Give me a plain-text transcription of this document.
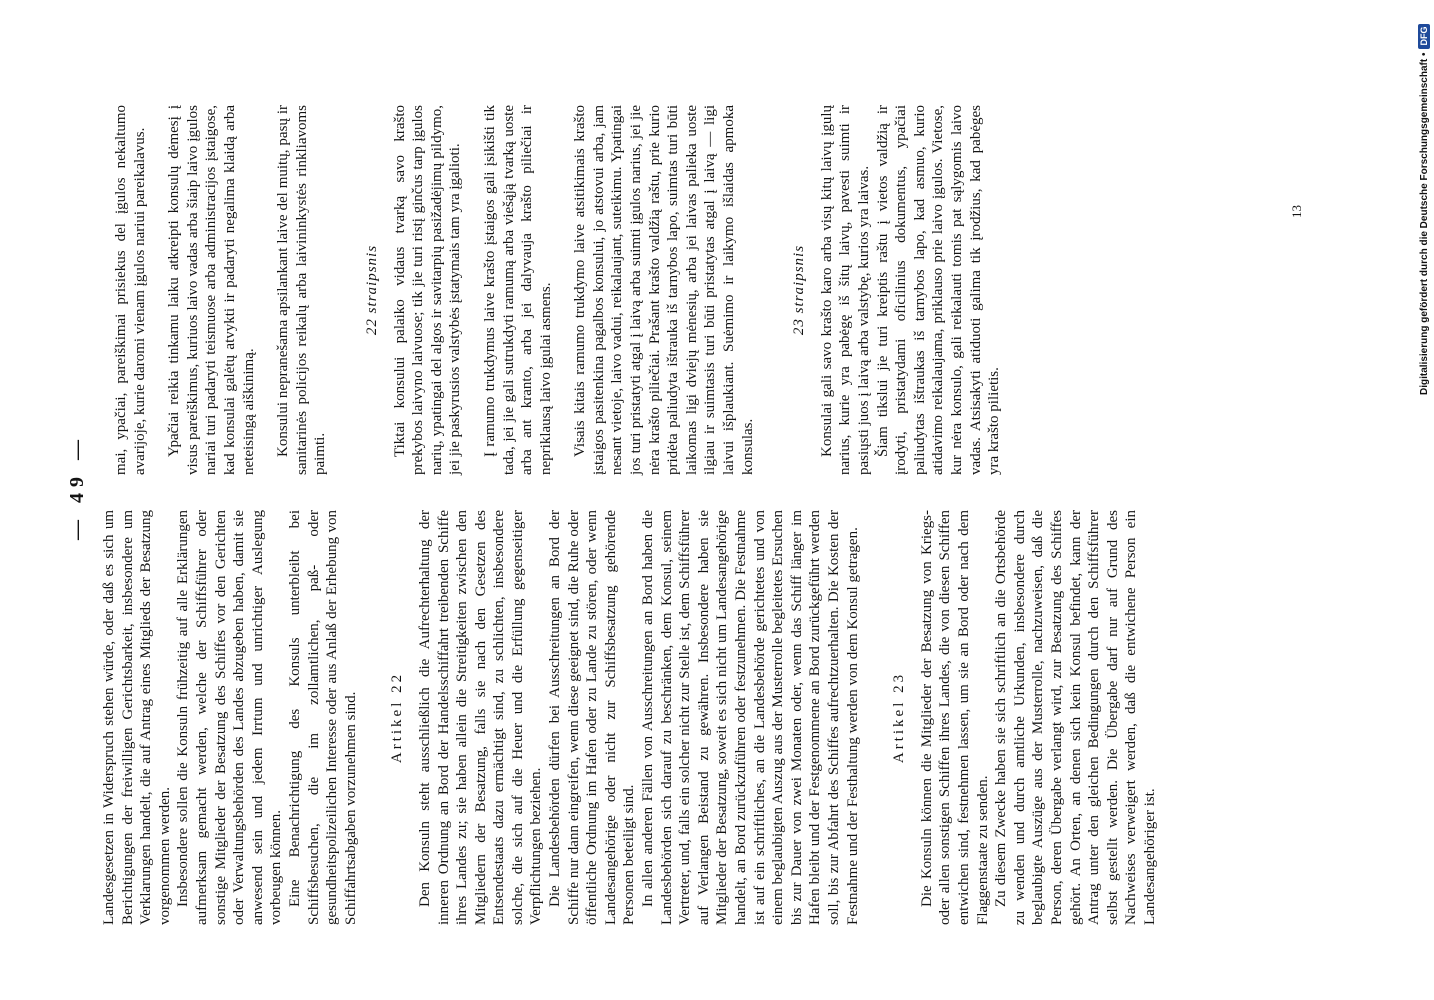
Landesgesetzen in Widerspruch stehen würde, oder daß es sich um Berichtigungen der freiwilligen Gerichtsbarkeit, insbesondere um Verklarungen handelt, die auf Antrag eines Mitglieds der Besatzung vorgenommen werden. Insbesondere sollen die Konsuln frühzeitig auf alle Erklärungen aufmerksam gemacht werden, welche der Schiffsführer oder sonstige Mitglieder der Besatzung des Schiffes vor den Gerichten oder Verwaltungsbehörden des Landes abzugeben haben, damit sie anwesend sein und jedem Irrtum und unrichtiger Auslegung vorbeugen können. Eine Benachrichtigung des Konsuls unterbleibt bei Schiffsbesuchen, die im zollamtlichen, paß- oder gesundheitspolizeilichen Interesse oder aus Anlaß der Erhebung von Schiffahrtsabgaben vorzunehmen sind. Artikel 22 Den Konsuln steht ausschließlich die Aufrechterhaltung der inneren Ordnung an Bord der Handelsschiffahrt treibenden Schiffe ihres Landes zu; sie haben allein die Streitigkeiten zwischen den Mitgliedern der Besatzung, falls sie nach den Gesetzen des Entsendestaats dazu ermächtigt sind, zu schlichten, insbesondere solche, die sich auf die Heuer und die Erfüllung gegenseitiger Verpflichtungen beziehen. Die Landesbehörden dürfen bei Ausschreitungen an Bord der Schiffe nur dann eingreifen, wenn diese geeignet sind, die Ruhe oder öffentliche Ordnung im Hafen oder zu Lande zu stören, oder wenn Landesangehörige oder nicht zur Schiffsbesatzung gehörende Personen beteiligt sind. In allen anderen Fällen von Ausschreitungen an Bord haben die Landesbehörden sich darauf zu beschränken, dem Konsul, seinem Vertreter, und, falls ein solcher nicht zur Stelle ist, dem Schiffsführer auf Verlangen Beistand zu gewähren. Insbesondere haben sie Mitglieder der Besatzung, soweit es sich nicht um Landesangehörige handelt, an Bord zurückzuführen oder festzunehmen. Die Festnahme ist auf ein schriftliches, an die Landesbehörde gerichtetes und von einem beglaubigten Auszug aus der Musterrolle begleitetes Ersuchen bis zur Dauer von zwei Monaten oder, wenn das Schiff länger im Hafen bleibt und der Festgenommene an Bord zurückgeführt werden soll, bis zur Abfahrt des Schiffes aufrechtzuerhalten. Die Kosten der Festnahme und der Festhaltung werden von dem Konsul getragen. Artikel 23 Die Konsuln können die Mitglieder der Besatzung von Kriegs- oder allen sonstigen Schiffen ihres Landes, die von diesen Schiffen entwichen sind, festnehmen lassen, um sie an Bord oder nach dem Flaggenstaate zu senden. Zu diesem Zwecke haben sie sich schriftlich an die Ortsbehörde zu wenden und durch amtliche Urkunden, insbesondere durch beglaubigte Auszüge aus der Musterrolle, nachzuweisen, daß die Person, deren Übergabe verlangt wird, zur Besatzung des Schiffes gehört. An Orten, an denen sich kein Konsul befindet, kann der Antrag unter den gleichen Bedingungen durch den Schiffsführer selbst gestellt werden. Die Übergabe darf nur auf Grund des Nachweises verweigert werden, daß die entwichene Person ein Landesangehöriger ist.

— 49 —

mai, ypačiai, pareiškimai prisiekus del įgulos nekaltumo avarijoje, kurie daromi vienam įgulos nariui pareikalavus. Ypačiai reikia tinkamu laiku atkreipti konsulų dėmesį į visus pareiškimus, kuriuos laivo vadas arba šiaip laivo įgulos nariai turi padaryti teismuose arba administracijos įstaigose, kad konsulai galėtų atvykti ir padaryti negalima klaidą arba neteisingą aiškinimą. Konsului nepranešama apsilankant laive del muitų, pasų ir sanitarinės policijos reikalų arba laivininkystės rinkliavoms paimti.

22 straipsnis Tiktai konsului palaiko vidaus tvarką savo krašto prekybos laivyno laivuose; tik jie turi ristį ginčus tarp įgulos narių, ypatingai del algos ir savitarpių pasižadėjimų pildymo, jei jie paskyrusios valstybės įstatymais tam yra įgalioti. Į ramumo trukdymus laive krašto įstaigos gali įsikišti tik tada, jei jie gali sutrukdyti ramumą arba viešąją tvarką uoste arba ant kranto, arba jei dalyvauja krašto piliečiai ir nepriklausą laivo įgulai asmens. Visais kitais ramumo trukdymo laive atsitikimais krašto įstaigos pasitenkina pagalbos konsului, jo atstovui arba, jam nesant vietoje, laivo vadui, reikalaujant, suteikimu. Ypatingai jos turi pristatyti atgal į laivą arba suimti įgulos narius, jei jie nėra krašto piliečiai. Prašant krašto valdžią raštu, prie kurio pridėta paliudyta ištrauka iš tarnybos lapo, suimtas turi būti laikomas ligi dviejų mėnesių, arba jei laivas palieka uoste ilgiau ir suimtasis turi būti pristatytas atgal į laivą — ligi laivui išplaukiant. Suėmimo ir laikymo išlaidas apmoka konsulas.

23 straipsnis Konsulai gali savo krašto karo arba visų kitų laivų įgulų narius, kurie yra pabėgę iš šitų laivų, pavesti suimti ir pasiųsti juos į laivą arba valstybę, kurios yra laivas. Šiam tikslui jie turi kreiptis raštu į vietos valdžią ir įrodyti, pristatydami oficilinius dokumentus, ypačiai paliudytas ištraukas iš tarnybos lapo, kad asmuo, kurio atidavimo reikalaujama, priklauso prie laivo įgulos. Vietose, kur nėra konsulo, gali reikalauti tomis pat sąlygomis laivo vadas. Atsisakyti atiduoti galima tik įrodžius, kad pabėges yra krašto pilietis.

13	Digitalisierung gefördert durch die Deutsche Forschungsgemeinschaft •
DFG
